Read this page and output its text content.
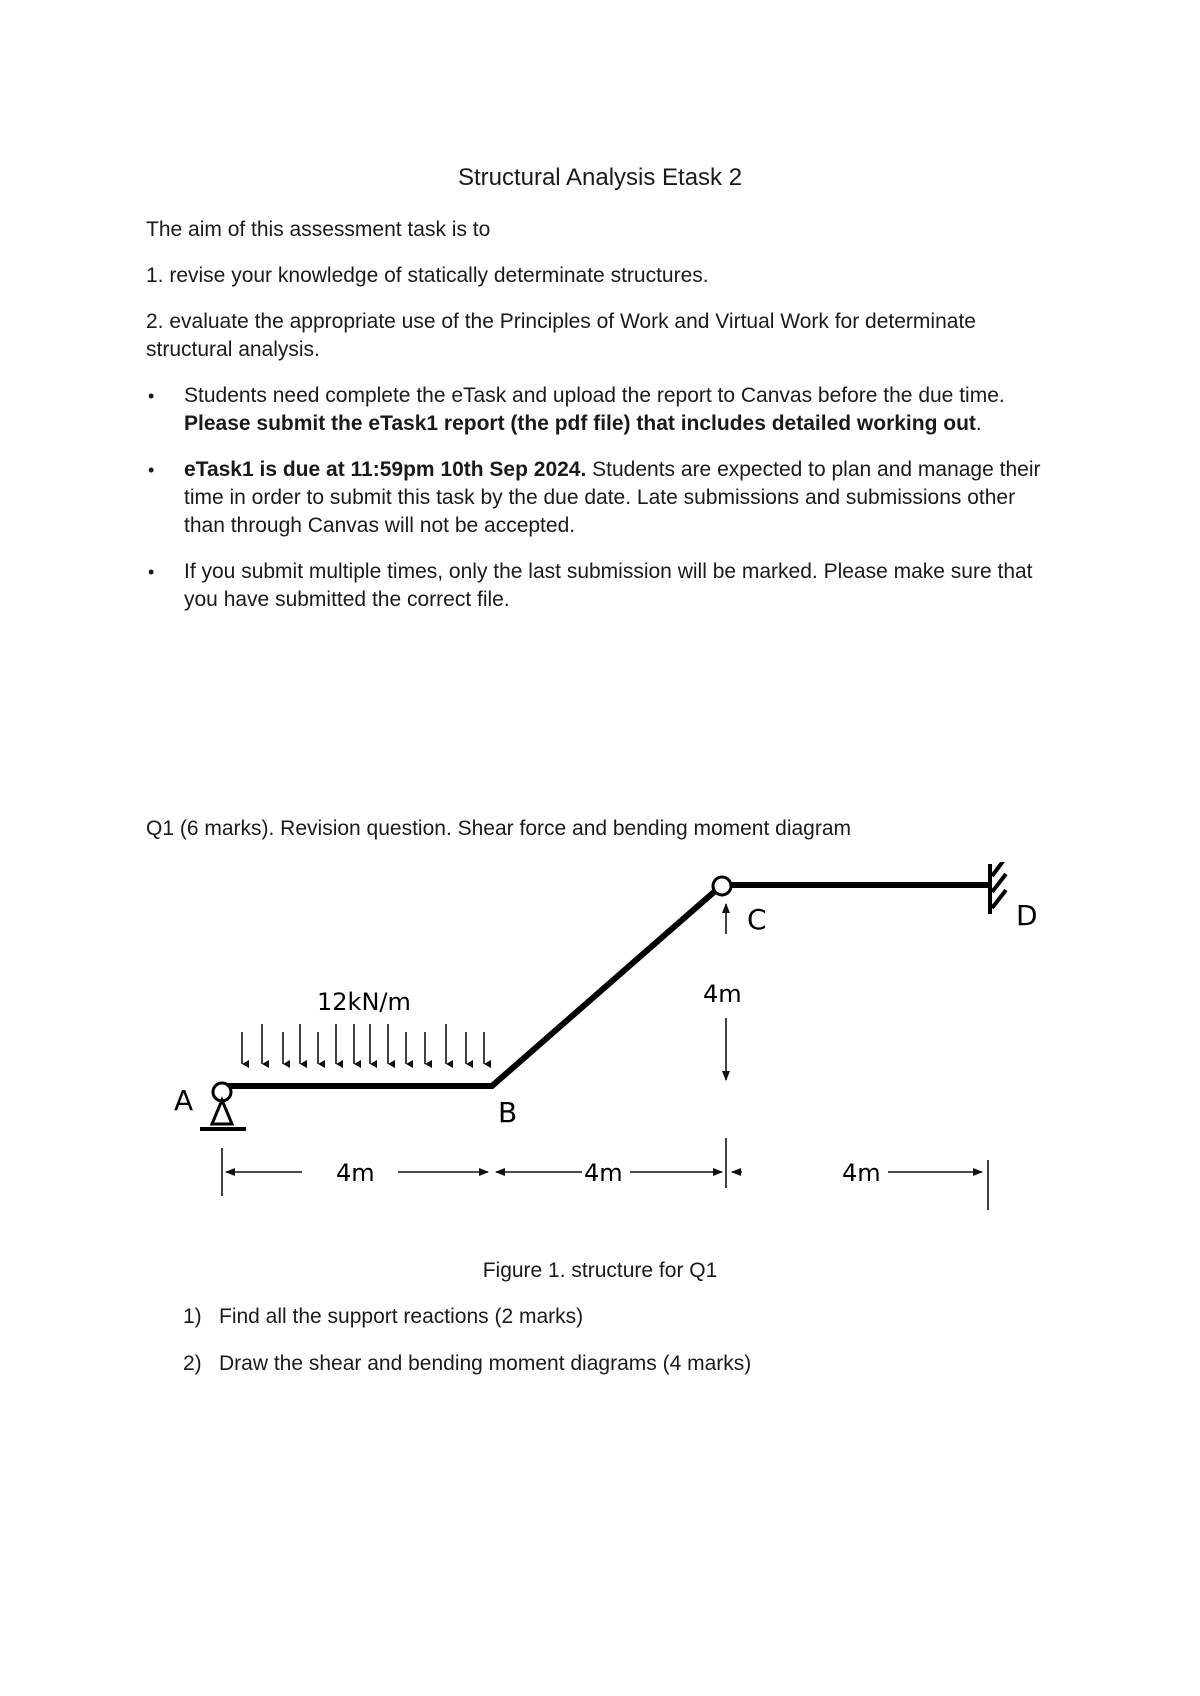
Structural Analysis Etask 2

The aim of this assessment task is to

1. revise your knowledge of statically determinate structures.

2. evaluate the appropriate use of the Principles of Work and Virtual Work for determinate structural analysis.

• Students need complete the eTask and upload the report to Canvas before the due time. Please submit the eTask1 report (the pdf file) that includes detailed working out.
• eTask1 is due at 11:59pm 10th Sep 2024. Students are expected to plan and manage their time in order to submit this task by the due date. Late submissions and submissions other than through Canvas will not be accepted.
• If you submit multiple times, only the last submission will be marked. Please make sure that you have submitted the correct file.

Q1 (6 marks). Revision question. Shear force and bending moment diagram

12kN/m
A	B
C	D
4m
4m	4m	4m
Figure 1. structure for Q1
1) Find all the support reactions (2 marks)
2) Draw the shear and bending moment diagrams (4 marks)
